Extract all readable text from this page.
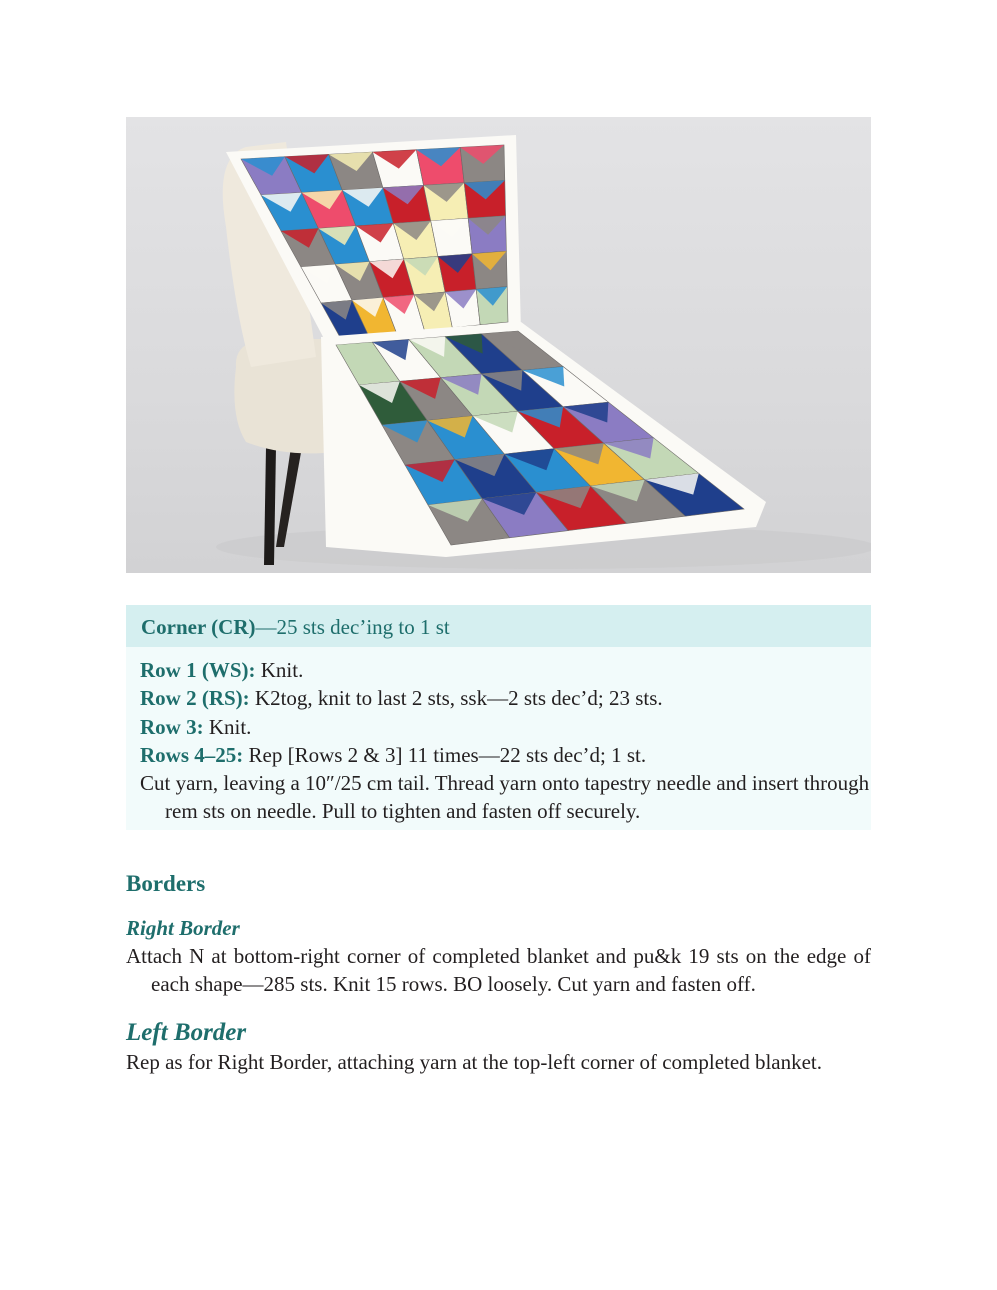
Corner (CR)—25 sts dec’ing to 1 st
Row 1 (WS): Knit.
Row 2 (RS): K2tog, knit to last 2 sts, ssk—2 sts dec’d; 23 sts.
Row 3: Knit.
Rows 4–25: Rep [Rows 2 & 3] 11 times—22 sts dec’d; 1 st.
Cut yarn, leaving a 10″/25 cm tail. Thread yarn onto tapestry needle and insert through rem sts on needle. Pull to tighten and fasten off securely.
Borders
Right Border

Attach N at bottom-right corner of completed blanket and pu&k 19 sts on the edge of each shape—285 sts. Knit 15 rows. BO loosely. Cut yarn and fasten off.

Left Border

Rep as for Right Border, attaching yarn at the top-left corner of completed blanket.
